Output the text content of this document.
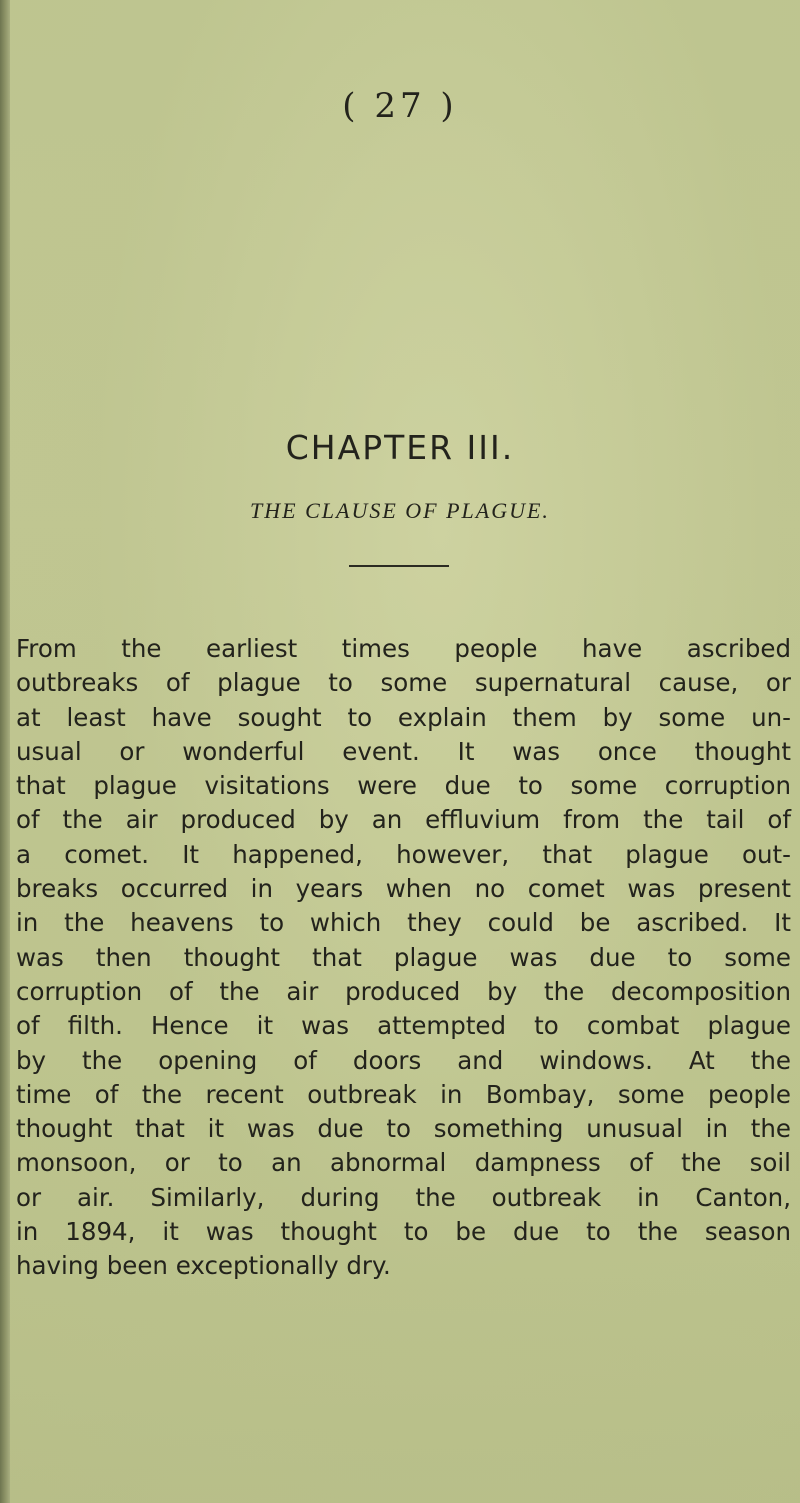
( 27 )
CHAPTER III.
THE CLAUSE OF PLAGUE.
From the earliest times people have ascribed
outbreaks of plague to some supernatural cause, or
at least have sought to explain them by some un-
usual or wonderful event. It was once thought
that plague visitations were due to some corruption
of the air produced by an effluvium from the tail of
a comet. It happened, however, that plague out-
breaks occurred in years when no comet was present
in the heavens to which they could be ascribed. It
was then thought that plague was due to some
corruption of the air produced by the decomposition
of filth. Hence it was attempted to combat plague
by the opening of doors and windows. At the
time of the recent outbreak in Bombay, some people
thought that it was due to something unusual in the
monsoon, or to an abnormal dampness of the soil
or air. Similarly, during the outbreak in Canton,
in 1894, it was thought to be due to the season
having been exceptionally dry.
